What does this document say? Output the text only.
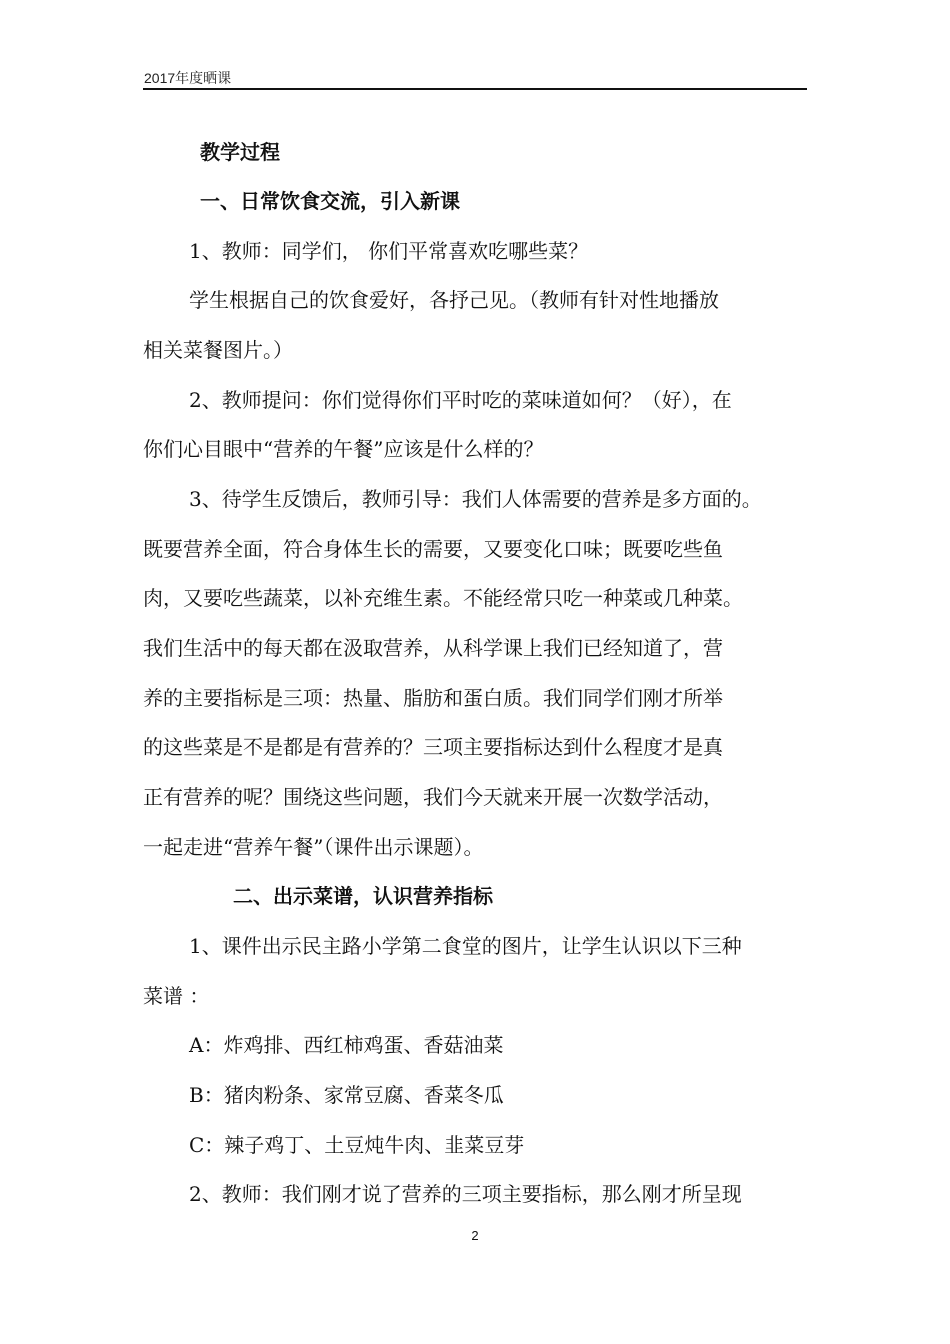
2017年度晒课
教学过程
一、日常饮食交流，引入新课
1、教师：同学们， 你们平常喜欢吃哪些菜？
学生根据自己的饮食爱好，各抒己见。（教师有针对性地播放
相关菜餐图片。）
2、教师提问：你们觉得你们平时吃的菜味道如何？（好），在
你们心目眼中“营养的午餐”应该是什么样的？
3、待学生反馈后，教师引导：我们人体需要的营养是多方面的。
既要营养全面，符合身体生长的需要，又要变化口味；既要吃些鱼
肉，又要吃些蔬菜，以补充维生素。不能经常只吃一种菜或几种菜。
我们生活中的每天都在汲取营养，从科学课上我们已经知道了，营
养的主要指标是三项：热量、脂肪和蛋白质。我们同学们刚才所举
的这些菜是不是都是有营养的？三项主要指标达到什么程度才是真
正有营养的呢？围绕这些问题，我们今天就来开展一次数学活动，
一起走进“营养午餐”（课件出示课题）。
二、出示菜谱，认识营养指标
1、课件出示民主路小学第二食堂的图片，让学生认识以下三种
菜谱 ：
A：炸鸡排、西红柿鸡蛋、香菇油菜
B：猪肉粉条、家常豆腐、香菜冬瓜
C：辣子鸡丁、土豆炖牛肉、韭菜豆芽
2、教师：我们刚才说了营养的三项主要指标，那么刚才所呈现
2
